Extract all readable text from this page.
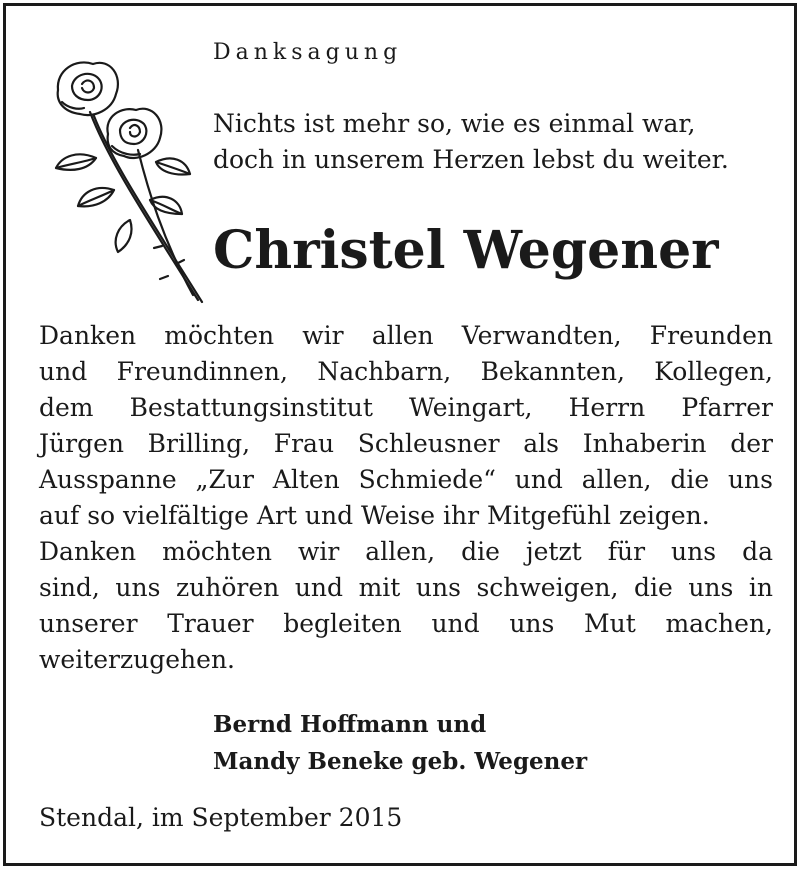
Danksagung
Nichts ist mehr so, wie es einmal war,
doch in unserem Herzen lebst du weiter.
Christel Wegener
Danken möchten wir allen Verwandten, Freunden
und Freundinnen, Nachbarn, Bekannten, Kollegen,
dem Bestattungsinstitut Weingart, Herrn Pfarrer
Jürgen Brilling, Frau Schleusner als Inhaberin der
Ausspanne „Zur Alten Schmiede“ und allen, die uns
auf so vielfältige Art und Weise ihr Mitgefühl zeigen.
Danken möchten wir allen, die jetzt für uns da
sind, uns zuhören und mit uns schweigen, die uns in
unserer Trauer begleiten und uns Mut machen,
weiterzugehen.
Bernd Hoffmann und
Mandy Beneke geb. Wegener
Stendal, im September 2015
